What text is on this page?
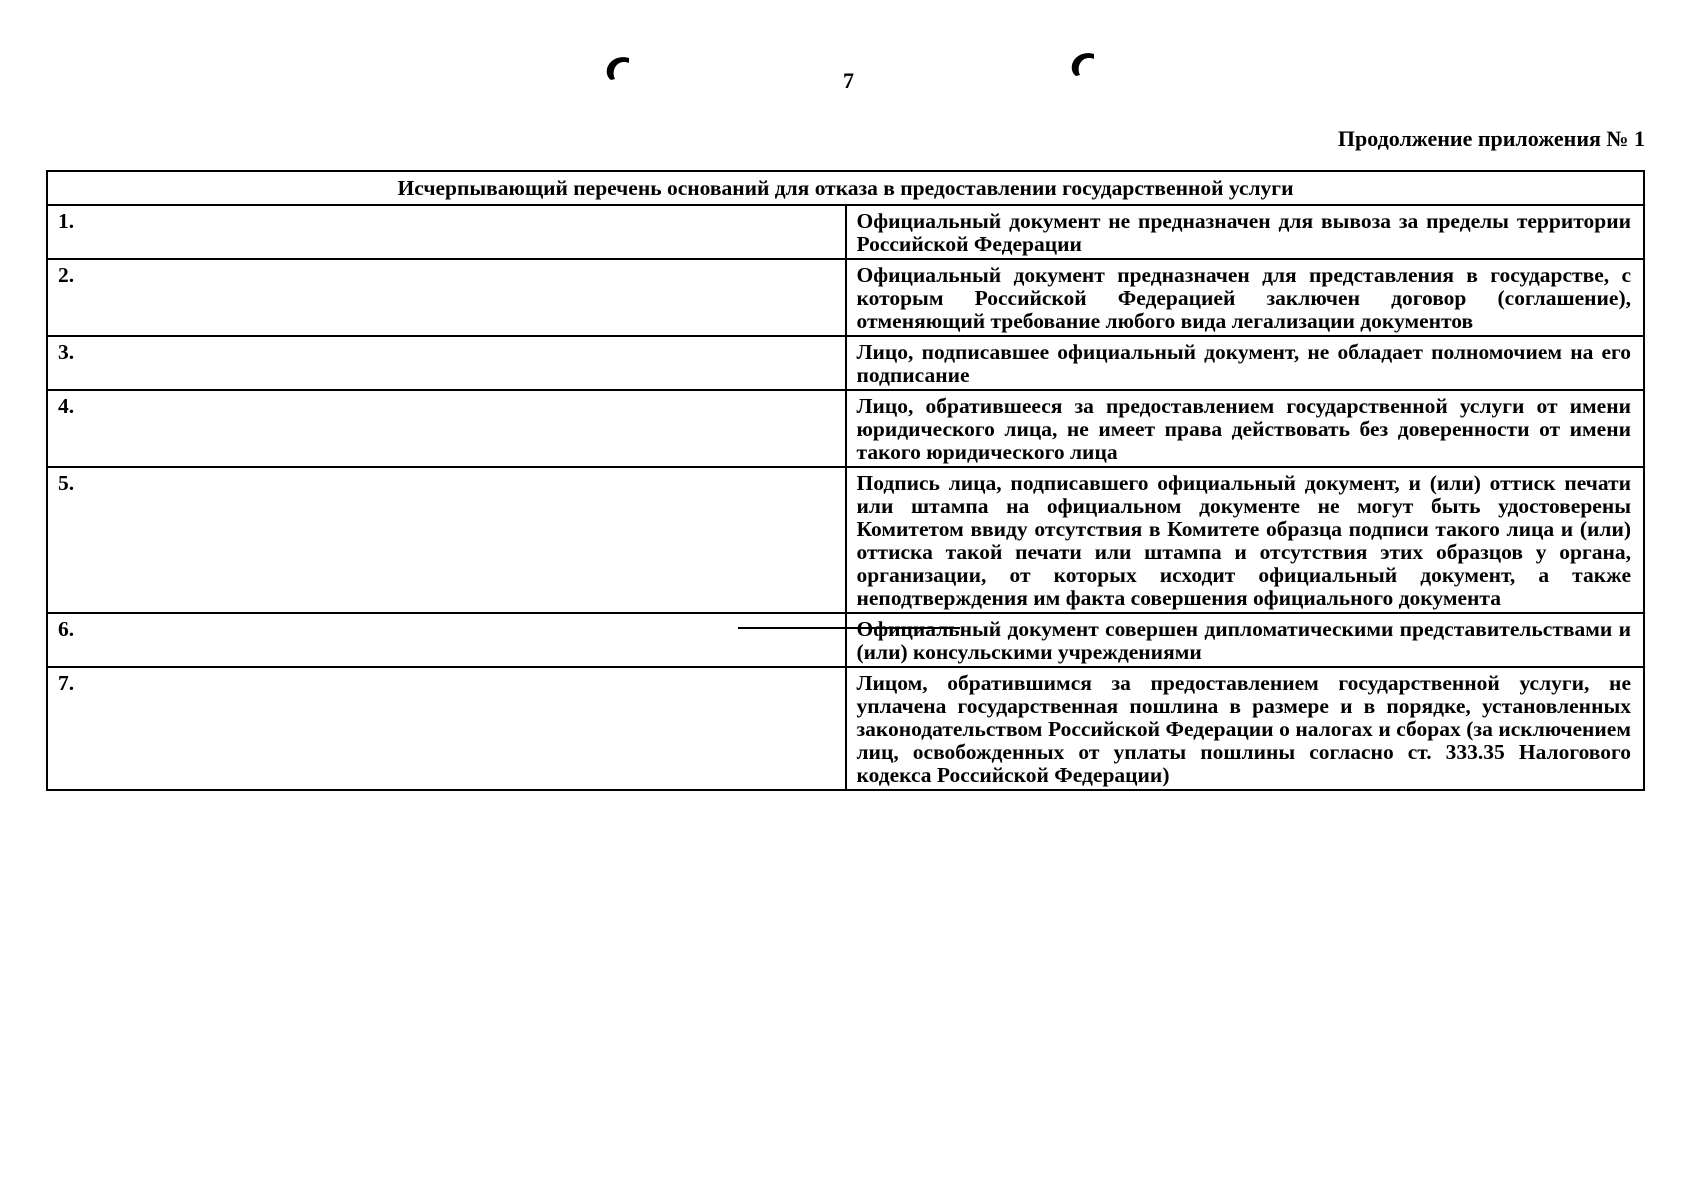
7
Продолжение приложения № 1
Исчерпывающий перечень оснований для отказа в предоставлении государственной услуги	
1.	Официальный документ не предназначен для вывоза за пределы территории Российской Федерации
2.	Официальный документ предназначен для представления в государстве, с которым Российской Федерацией заключен договор (соглашение), отменяющий требование любого вида легализации документов
3.	Лицо, подписавшее официальный документ, не обладает полномочием на его подписание
4.	Лицо, обратившееся за предоставлением государственной услуги от имени юридического лица, не имеет права действовать без доверенности от имени такого юридического лица
5.	Подпись лица, подписавшего официальный документ, и (или) оттиск печати или штампа на официальном документе не могут быть удостоверены Комитетом ввиду отсутствия в Комитете образца подписи такого лица и (или) оттиска такой печати или штампа и отсутствия этих образцов у органа, организации, от которых исходит официальный документ, а также неподтверждения им факта совершения официального документа
6.	Официальный документ совершен дипломатическими представительствами и (или) консульскими учреждениями
7.	Лицом, обратившимся за предоставлением государственной услуги, не уплачена государственная пошлина в размере и в порядке, установленных законодательством Российской Федерации о налогах и сборах (за исключением лиц, освобожденных от уплаты пошлины согласно ст. 333.35 Налогового кодекса Российской Федерации)
